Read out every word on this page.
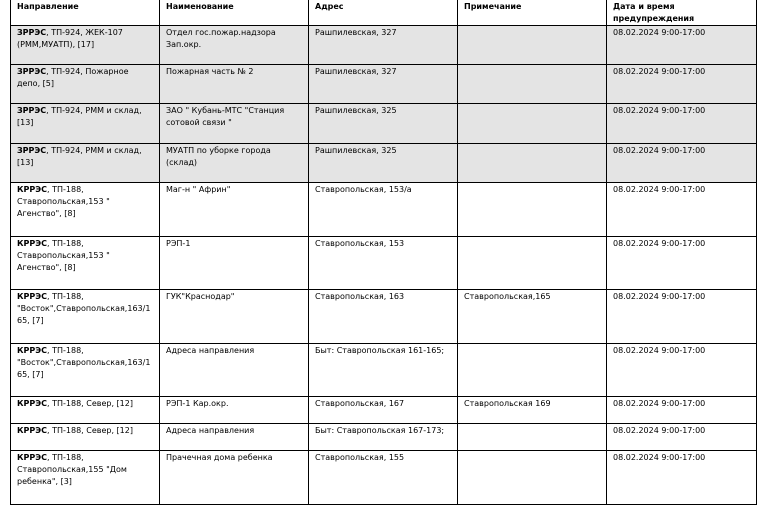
Направление	Наименование	Адрес	Примечание	Дата и время предупреждения
ЗРРЭС, ТП-924, ЖЕК-107 (РММ,МУАТП), [17]	Отдел гос.пожар.надзора Зап.окр.	Рашпилевская, 327		08.02.2024 9:00-17:00
ЗРРЭС, ТП-924, Пожарное депо, [5]	Пожарная часть № 2	Рашпилевская, 327		08.02.2024 9:00-17:00
ЗРРЭС, ТП-924, РММ и склад, [13]	ЗАО " Кубань-МТС "Станция сотовой связи "	Рашпилевская, 325		08.02.2024 9:00-17:00
ЗРРЭС, ТП-924, РММ и склад, [13]	МУАТП по уборке города (склад)	Рашпилевская, 325		08.02.2024 9:00-17:00
КРРЭС, ТП-188, Ставропольская,153 " Агенство", [8]	Маг-н " Африн"	Ставропольская, 153/а		08.02.2024 9:00-17:00
КРРЭС, ТП-188, Ставропольская,153 " Агенство", [8]	РЭП-1	Ставропольская, 153		08.02.2024 9:00-17:00
КРРЭС, ТП-188, "Восток",Ставропольская,163/165, [7]	ГУК"Краснодар"	Ставропольская, 163	Ставропольская,165	08.02.2024 9:00-17:00
КРРЭС, ТП-188, "Восток",Ставропольская,163/165, [7]	Адреса направления	Быт: Ставропольская 161-165;		08.02.2024 9:00-17:00
КРРЭС, ТП-188, Север, [12]	РЭП-1 Кар.окр.	Ставропольская, 167	Ставропольская 169	08.02.2024 9:00-17:00
КРРЭС, ТП-188, Север, [12]	Адреса направления	Быт: Ставропольская 167-173;		08.02.2024 9:00-17:00
КРРЭС, ТП-188, Ставропольская,155 "Дом ребенка", [3]	Прачечная дома ребенка	Ставропольская, 155		08.02.2024 9:00-17:00
